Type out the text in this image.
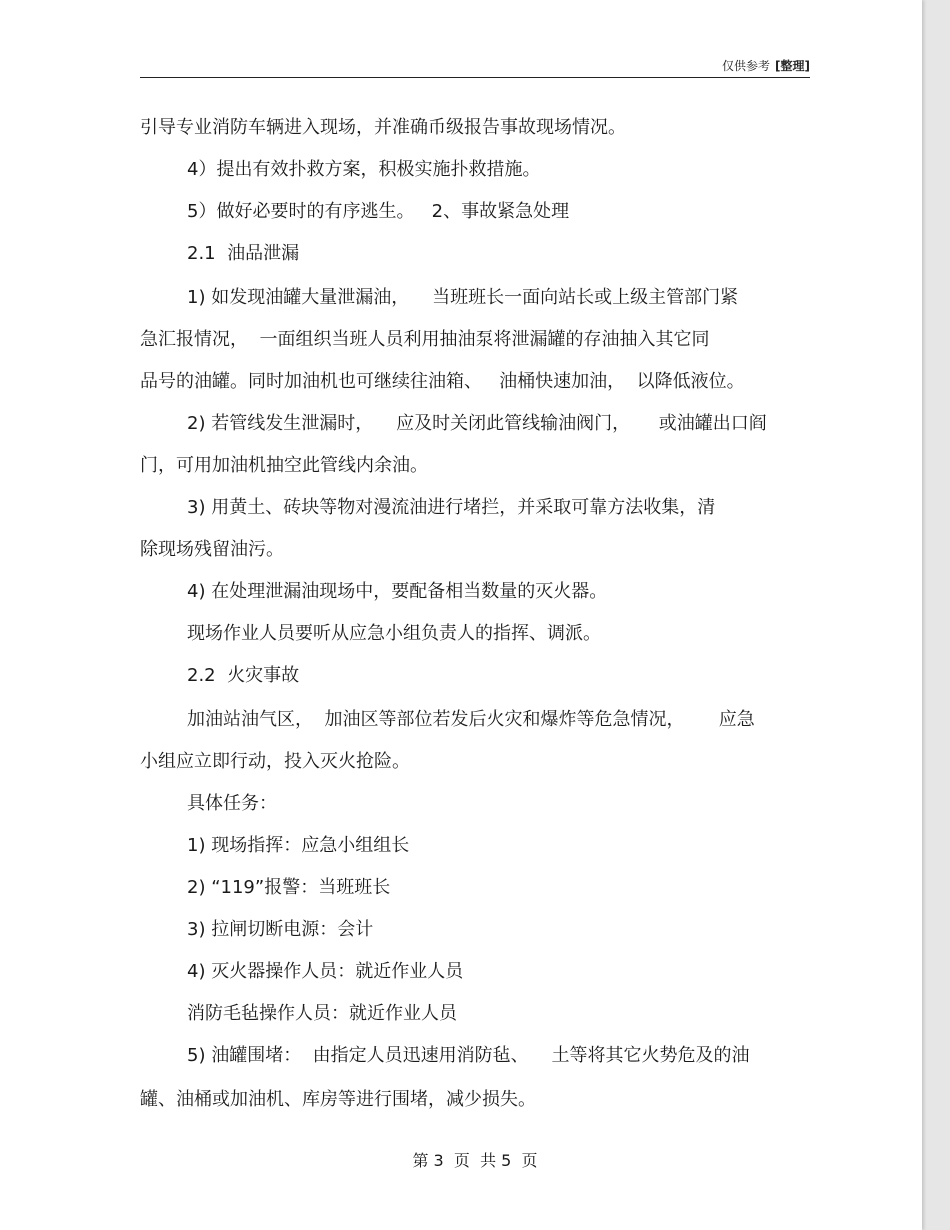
仅供参考 [整理]
引导专业消防车辆进入现场，并准确币级报告事故现场情况。
4）提出有效扑救方案，积极实施扑救措施。
5）做好必要时的有序逃生。   2、事故紧急处理
2.1  油品泄漏
1) 如发现油罐大量泄漏油，    当班班长一面向站长或上级主管部门紧
急汇报情况，  一面组织当班人员利用抽油泵将泄漏罐的存油抽入其它同
品号的油罐。同时加油机也可继续往油箱、   油桶快速加油，  以降低液位。
2) 若管线发生泄漏时，    应及时关闭此管线输油阀门，     或油罐出口阎
门，可用加油机抽空此管线内余油。
3) 用黄土、砖块等物对漫流油进行堵拦，并采取可靠方法收集，清
除现场残留油污。
4) 在处理泄漏油现场中，要配备相当数量的灭火器。
现场作业人员要听从应急小组负责人的指挥、调派。
2.2  火灾事故
加油站油气区，  加油区等部位若发后火灾和爆炸等危急情况，      应急
小组应立即行动，投入灭火抢险。
具体任务：
1) 现场指挥：应急小组组长
2) “119”报警：当班班长
3) 拉闸切断电源：会计
4) 灭火器操作人员：就近作业人员
消防毛毡操作人员：就近作业人员
5) 油罐围堵：  由指定人员迅速用消防毡、    土等将其它火势危及的油
罐、油桶或加油机、库房等进行围堵，减少损失。
第 3  页  共 5  页
